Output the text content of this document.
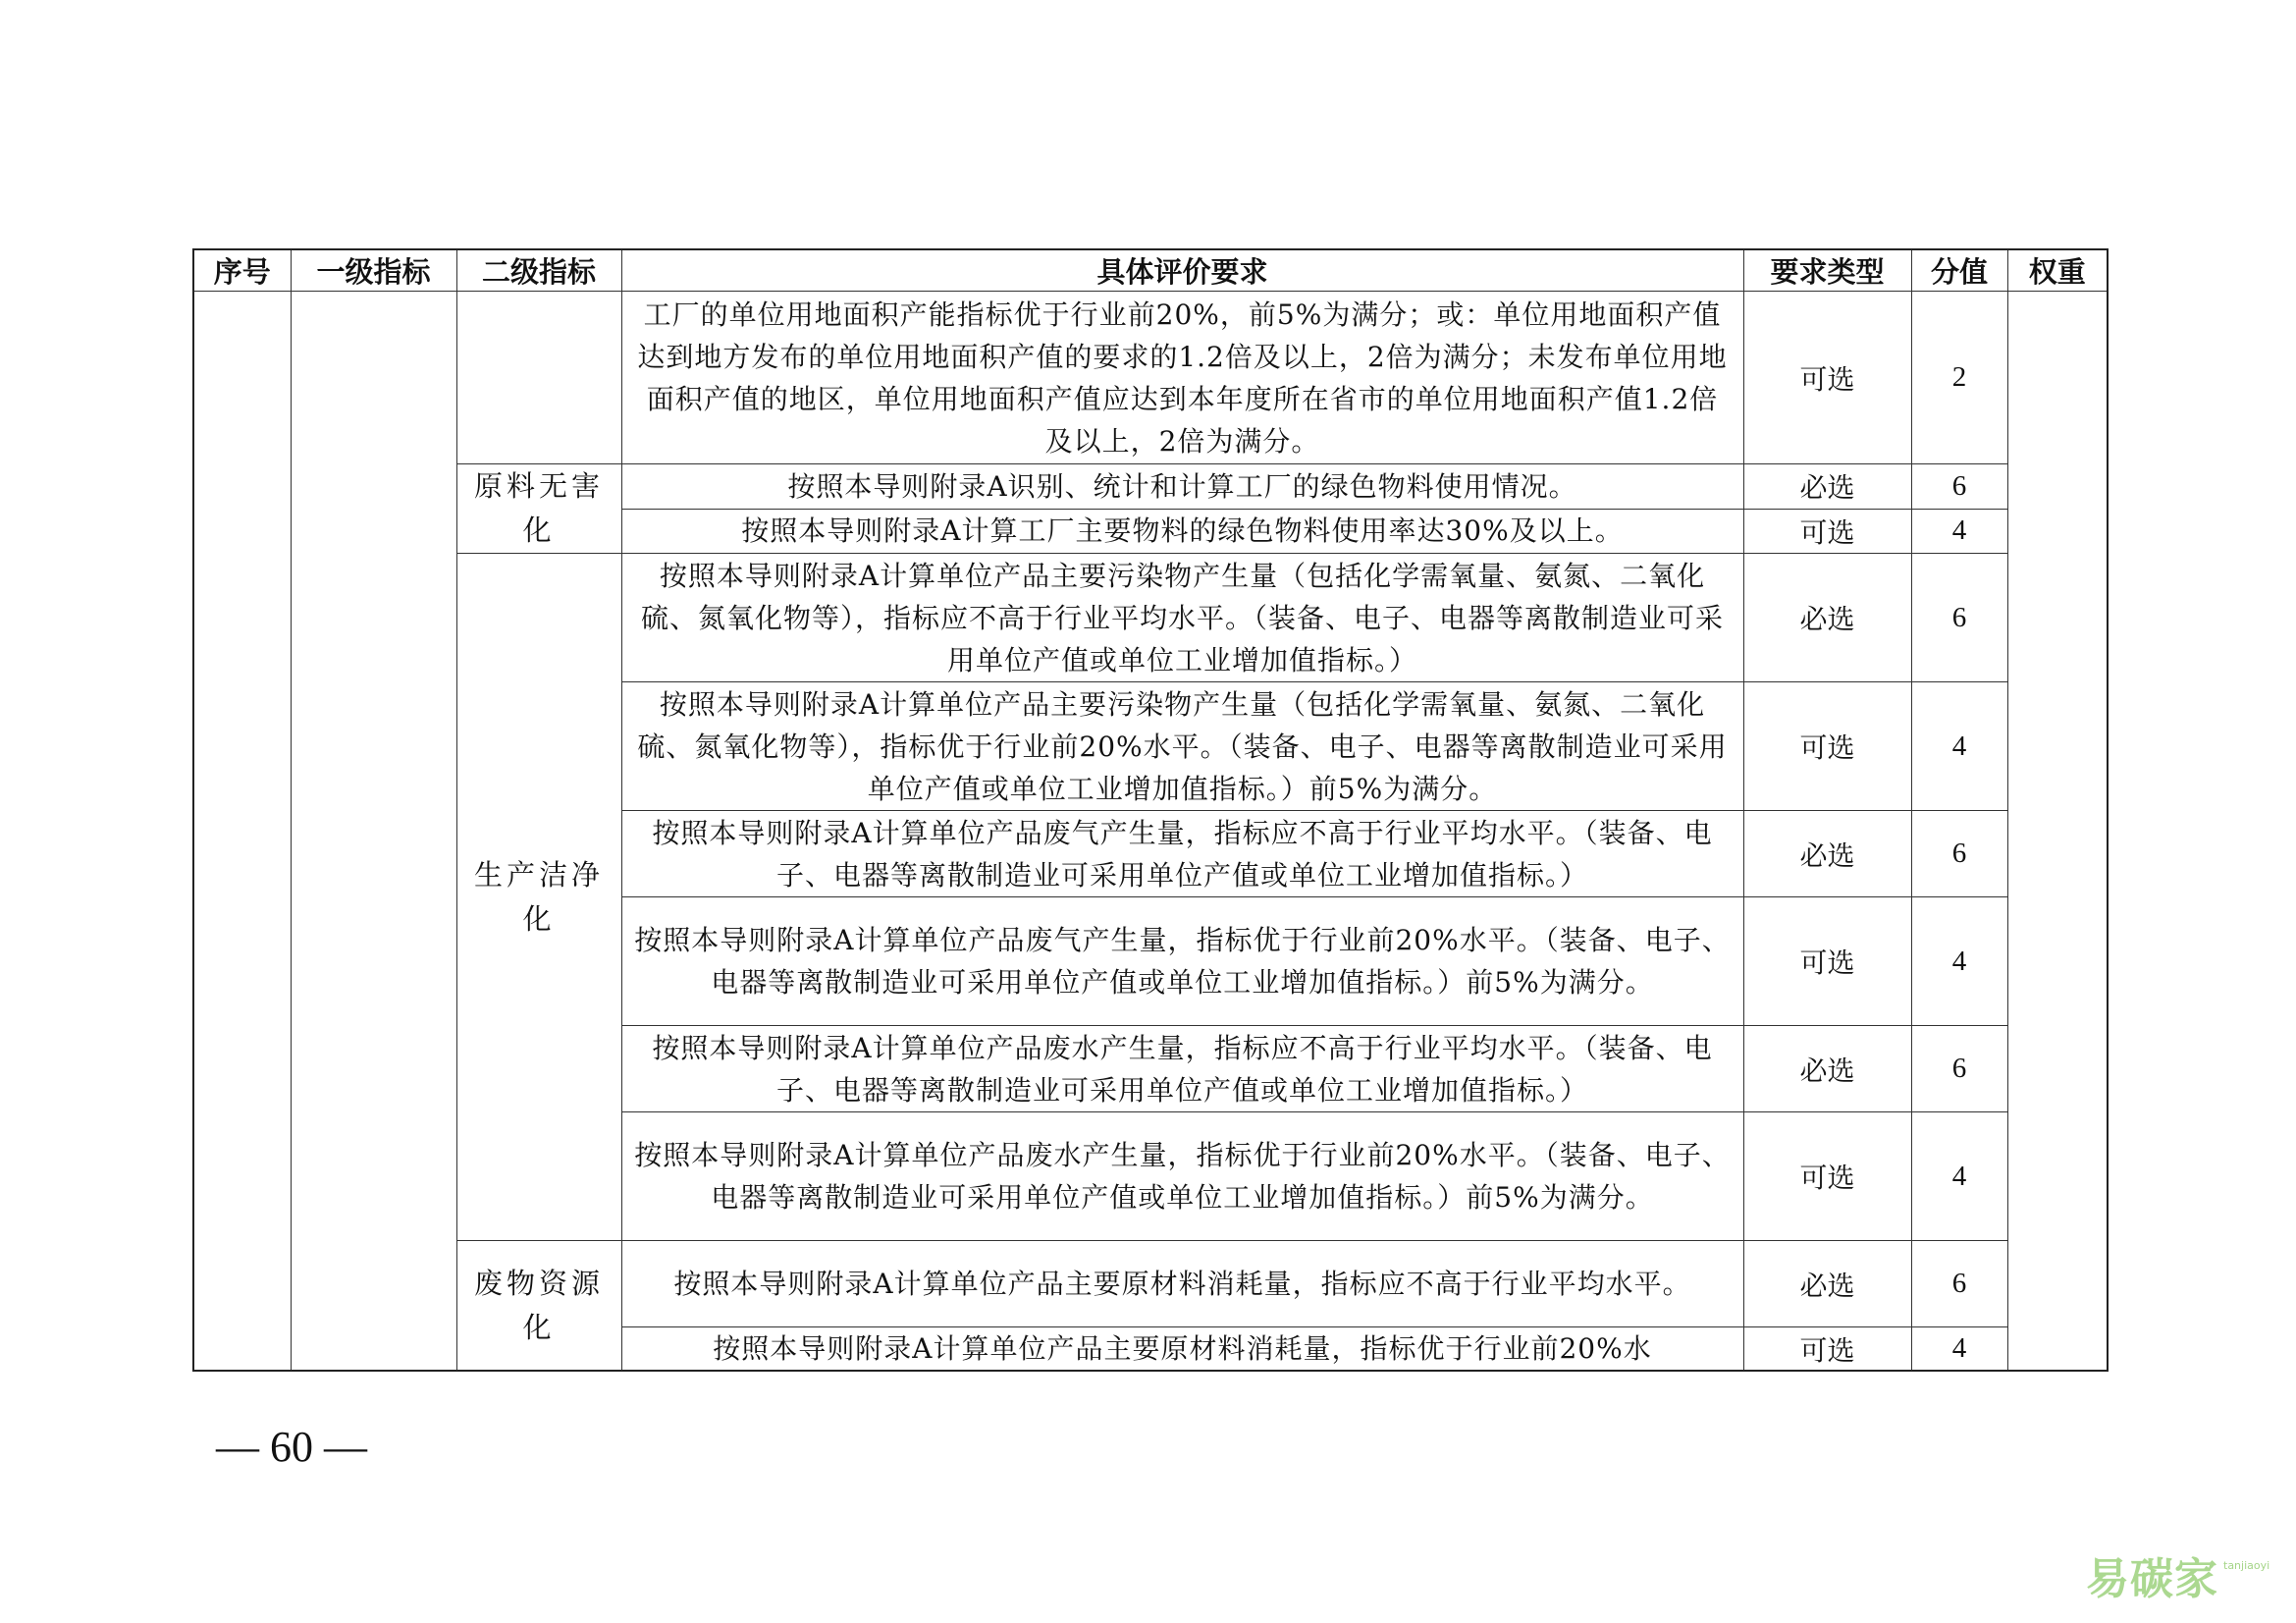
序号	一级指标	二级指标	具体评价要求	要求类型	分值	权重
			工厂的单位用地面积产能指标优于行业前20%，前5%为满分；或：单位用地面积产值达到地方发布的单位用地面积产值的要求的1.2倍及以上，2倍为满分；未发布单位用地面积产值的地区，单位用地面积产值应达到本年度所在省市的单位用地面积产值1.2倍及以上，2倍为满分。	可选	2	
		原料无害化	按照本导则附录A识别、统计和计算工厂的绿色物料使用情况。	必选	6	
			按照本导则附录A计算工厂主要物料的绿色物料使用率达30%及以上。	可选	4	
		生产洁净化	按照本导则附录A计算单位产品主要污染物产生量（包括化学需氧量、氨氮、二氧化硫、氮氧化物等），指标应不高于行业平均水平。（装备、电子、电器等离散制造业可采用单位产值或单位工业增加值指标。）	必选	6	
			按照本导则附录A计算单位产品主要污染物产生量（包括化学需氧量、氨氮、二氧化硫、氮氧化物等），指标优于行业前20%水平。（装备、电子、电器等离散制造业可采用单位产值或单位工业增加值指标。）前5%为满分。	可选	4	
			按照本导则附录A计算单位产品废气产生量，指标应不高于行业平均水平。（装备、电子、电器等离散制造业可采用单位产值或单位工业增加值指标。）	必选	6	
			按照本导则附录A计算单位产品废气产生量，指标优于行业前20%水平。（装备、电子、电器等离散制造业可采用单位产值或单位工业增加值指标。）前5%为满分。	可选	4	
			按照本导则附录A计算单位产品废水产生量，指标应不高于行业平均水平。（装备、电子、电器等离散制造业可采用单位产值或单位工业增加值指标。）	必选	6	
			按照本导则附录A计算单位产品废水产生量，指标优于行业前20%水平。（装备、电子、电器等离散制造业可采用单位产值或单位工业增加值指标。）前5%为满分。	可选	4	
		废物资源化	按照本导则附录A计算单位产品主要原材料消耗量，指标应不高于行业平均水平。	必选	6	
			按照本导则附录A计算单位产品主要原材料消耗量，指标优于行业前20%水	可选	4	
— 60 —
易碳家 tanjiaoyi
